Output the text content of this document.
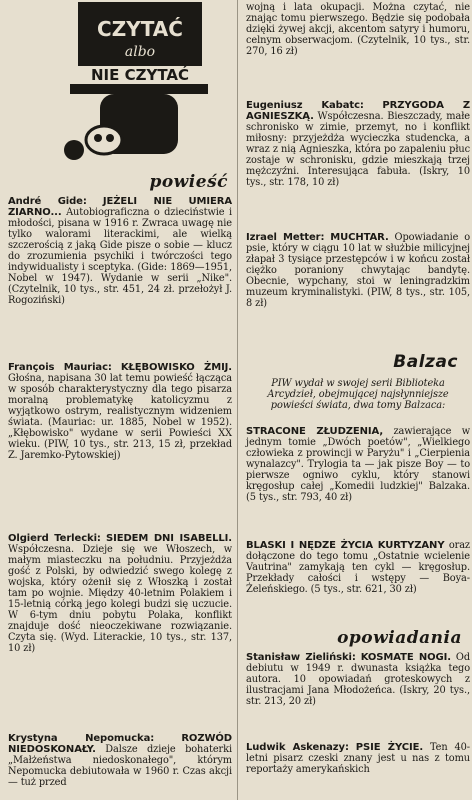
CZYTAĆ
albo
NIE CZYTAĆ
powieść

André Gide: JEŻELI NIE UMIERA ZIARNO... Autobiograficzna o dzieciństwie i młodości, pisana w 1916 r. Zwraca uwagę nie tylko walorami literackimi, ale wielką szczerością z jaką Gide pisze o sobie — klucz do zrozumienia psychiki i twórczości tego indywidualisty i sceptyka. (Gide: 1869—1951, Nobel w 1947). Wydanie w serii „Nike". (Czytelnik, 10 tys., str. 451, 24 zł. przełożył J. Rogoziński)

François Mauriac: KŁĘBOWISKO ŻMIJ. Głośna, napisana 30 lat temu powieść łącząca w sposób charakterystyczny dla tego pisarza moralną problematykę katolicyzmu z wyjątkowo ostrym, realistycznym widzeniem świata. (Mauriac: ur. 1885, Nobel w 1952). „Kłębowisko" wydane w serii Powieści XX wieku. (PIW, 10 tys., str. 213, 15 zł, przekład Z. Jaremko-Pytowskiej)

Olgierd Terlecki: SIEDEM DNI ISABELLI. Współczesna. Dzieje się we Włoszech, w małym miasteczku na południu. Przyjeżdża gość z Polski, by odwiedzić swego kolegę z wojska, który ożenił się z Włoszką i został tam po wojnie. Między 40-letnim Polakiem i 15-letnią córką jego kolegi budzi się uczucie. W 6-tym dniu pobytu Polaka, konflikt znajduje dość nieoczekiwane rozwiązanie. Czyta się. (Wyd. Literackie, 10 tys., str. 137, 10 zł)

Krystyna Nepomucka:	ROZWÓD NIEDOSKONAŁY. Dalsze dzieje bohaterki „Małżeństwa niedoskonałego", którym Nepomucka debiutowała w 1960 r. Czas akcji — tuż przed

wojną i lata okupacji. Można czytać, nie znając tomu pierwszego. Będzie się podobała dzięki żywej akcji, akcentom satyry i humoru, celnym obserwacjom. (Czytelnik, 10 tys., str. 270, 16 zł)

Eugeniusz Kabatc: PRZYGODA Z AGNIESZKĄ. Współczesna. Bieszczady, małe schronisko w zimie, przemyt, no i konflikt miłosny: przyjeżdża wycieczka studencka, a wraz z nią Agnieszka, która po zapaleniu płuc zostaje w schronisku, gdzie mieszkają trzej mężczyźni. Interesująca fabuła. (Iskry, 10 tys., str. 178, 10 zł)

Izrael Metter: MUCHTAR. Opowiadanie o psie, który w ciągu 10 lat w służbie milicyjnej złapał 3 tysiące przestępców i w końcu został ciężko poraniony chwytając bandytę. Obecnie, wypchany, stoi w leningradzkim muzeum kryminalistyki. (PIW, 8 tys., str. 105, 8 zł)

Balzac

PIW wydał w swojej serii Biblioteka Arcydzieł, obejmującej najsłynniejsze powieści świata, dwa tomy Balzaca:

STRACONE ZŁUDZENIA, zawierające w jednym tomie „Dwóch poetów", „Wielkiego człowieka z prowincji w Paryżu" i „Cierpienia wynalazcy". Trylogia ta — jak pisze Boy — to pierwsze ogniwo cyklu, który stanowi kręgosłup całej „Komedii ludzkiej" Balzaka. (5 tys., str. 793, 40 zł)

BLASKI I NĘDZE ŻYCIA KURTYZANY oraz dołączone do tego tomu „Ostatnie wcielenie Vautrina" zamykają ten cykl — kręgosłup. Przekłady całości i wstępy — Boya-Żeleńskiego. (5 tys., str. 621, 30 zł)

opowiadania

Stanisław Zieliński: KOSMATE NOGI. Od debiutu w 1949 r. dwunasta książka tego autora. 10 opowiadań groteskowych z ilustracjami Jana Młodożeńca. (Iskry, 20 tys., str. 213, 20 zł)

Ludwik Askenazy: PSIE ŻYCIE. Ten 40-letni pisarz czeski znany jest u nas z tomu reportaży amerykańskich
